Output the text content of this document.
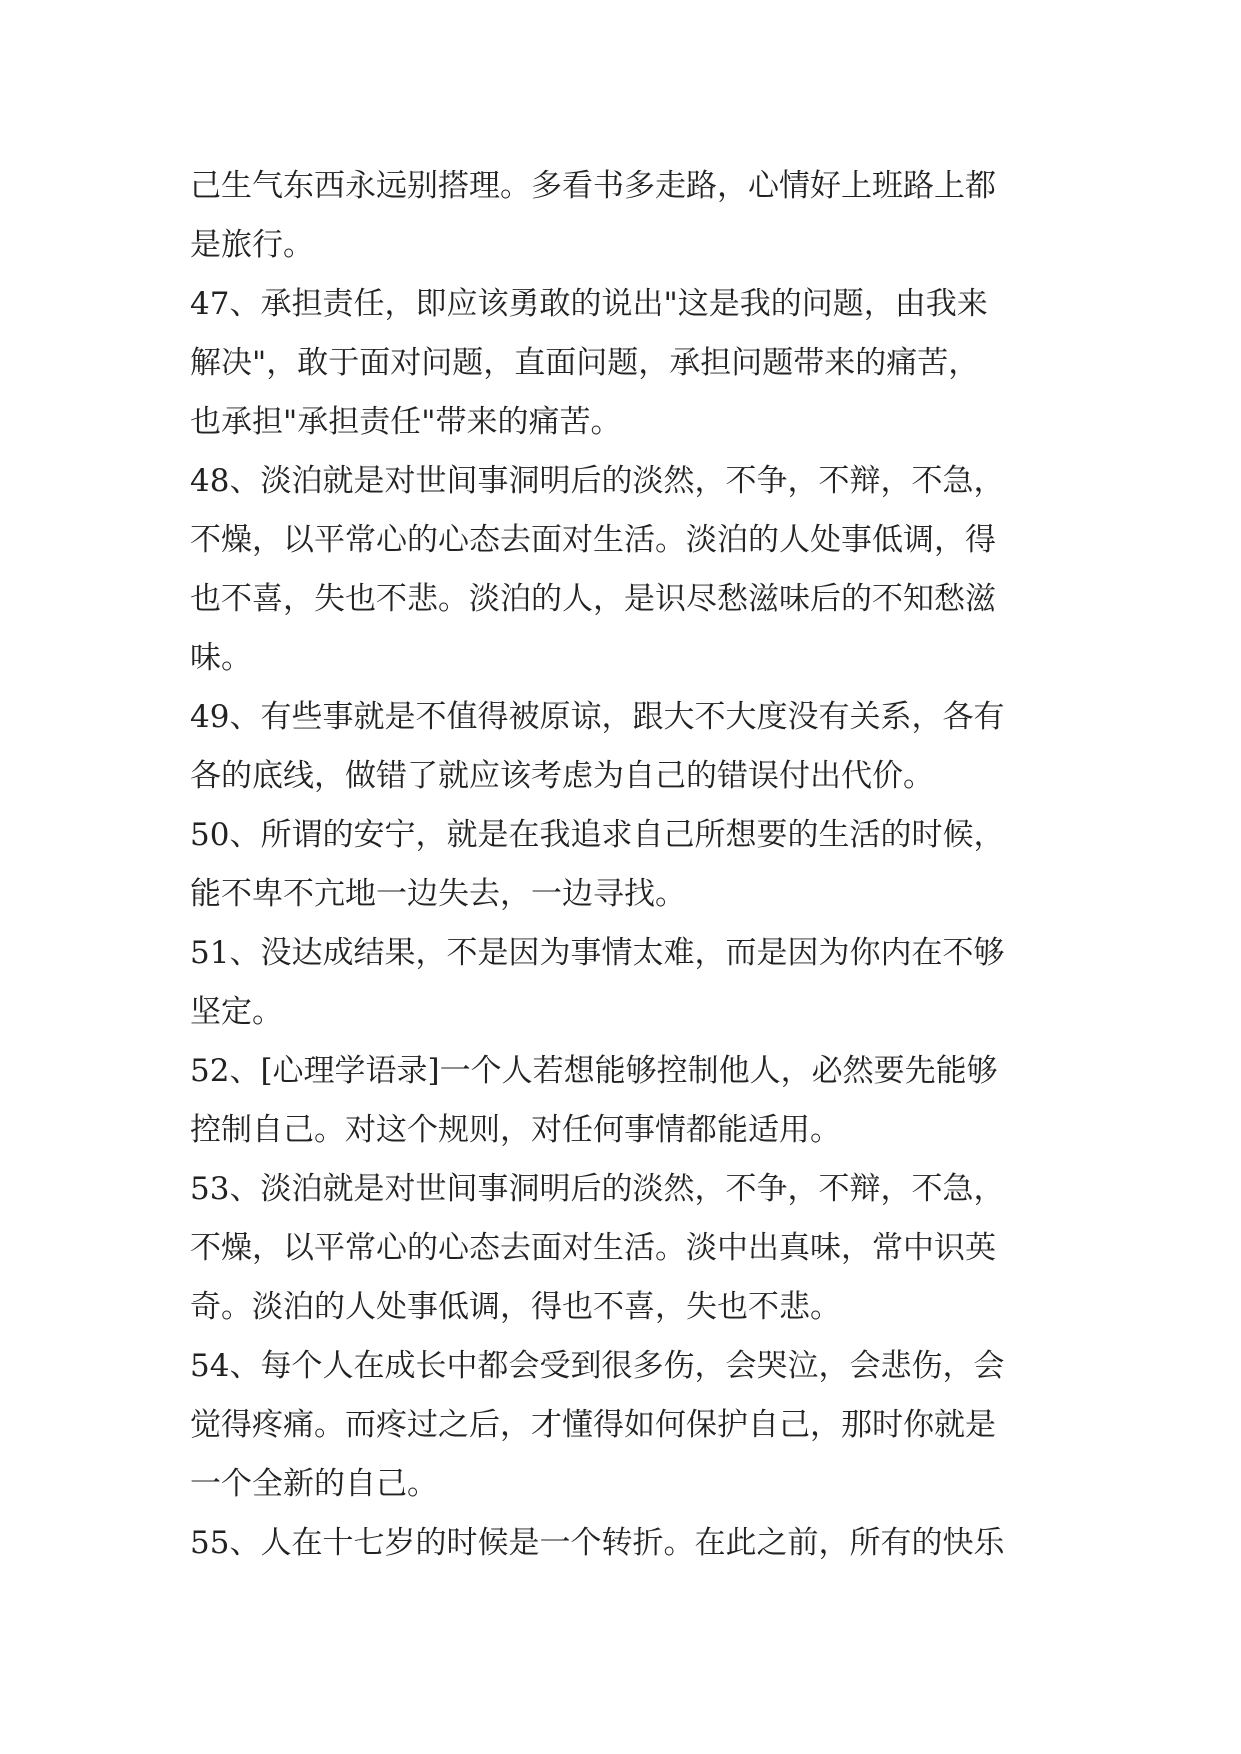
己生气东西永远别搭理。多看书多走路，心情好上班路上都
是旅行。
47、承担责任，即应该勇敢的说出"这是我的问题，由我来
解决"，敢于面对问题，直面问题，承担问题带来的痛苦，
也承担"承担责任"带来的痛苦。
48、淡泊就是对世间事洞明后的淡然，不争，不辩，不急，
不燥，以平常心的心态去面对生活。淡泊的人处事低调，得
也不喜，失也不悲。淡泊的人，是识尽愁滋味后的不知愁滋
味。
49、有些事就是不值得被原谅，跟大不大度没有关系，各有
各的底线，做错了就应该考虑为自己的错误付出代价。
50、所谓的安宁，就是在我追求自己所想要的生活的时候，
能不卑不亢地一边失去，一边寻找。
51、没达成结果，不是因为事情太难，而是因为你内在不够
坚定。
52、[心理学语录]一个人若想能够控制他人，必然要先能够
控制自己。对这个规则，对任何事情都能适用。
53、淡泊就是对世间事洞明后的淡然，不争，不辩，不急，
不燥，以平常心的心态去面对生活。淡中出真味，常中识英
奇。淡泊的人处事低调，得也不喜，失也不悲。
54、每个人在成长中都会受到很多伤，会哭泣，会悲伤，会
觉得疼痛。而疼过之后，才懂得如何保护自己，那时你就是
一个全新的自己。
55、人在十七岁的时候是一个转折。在此之前，所有的快乐
